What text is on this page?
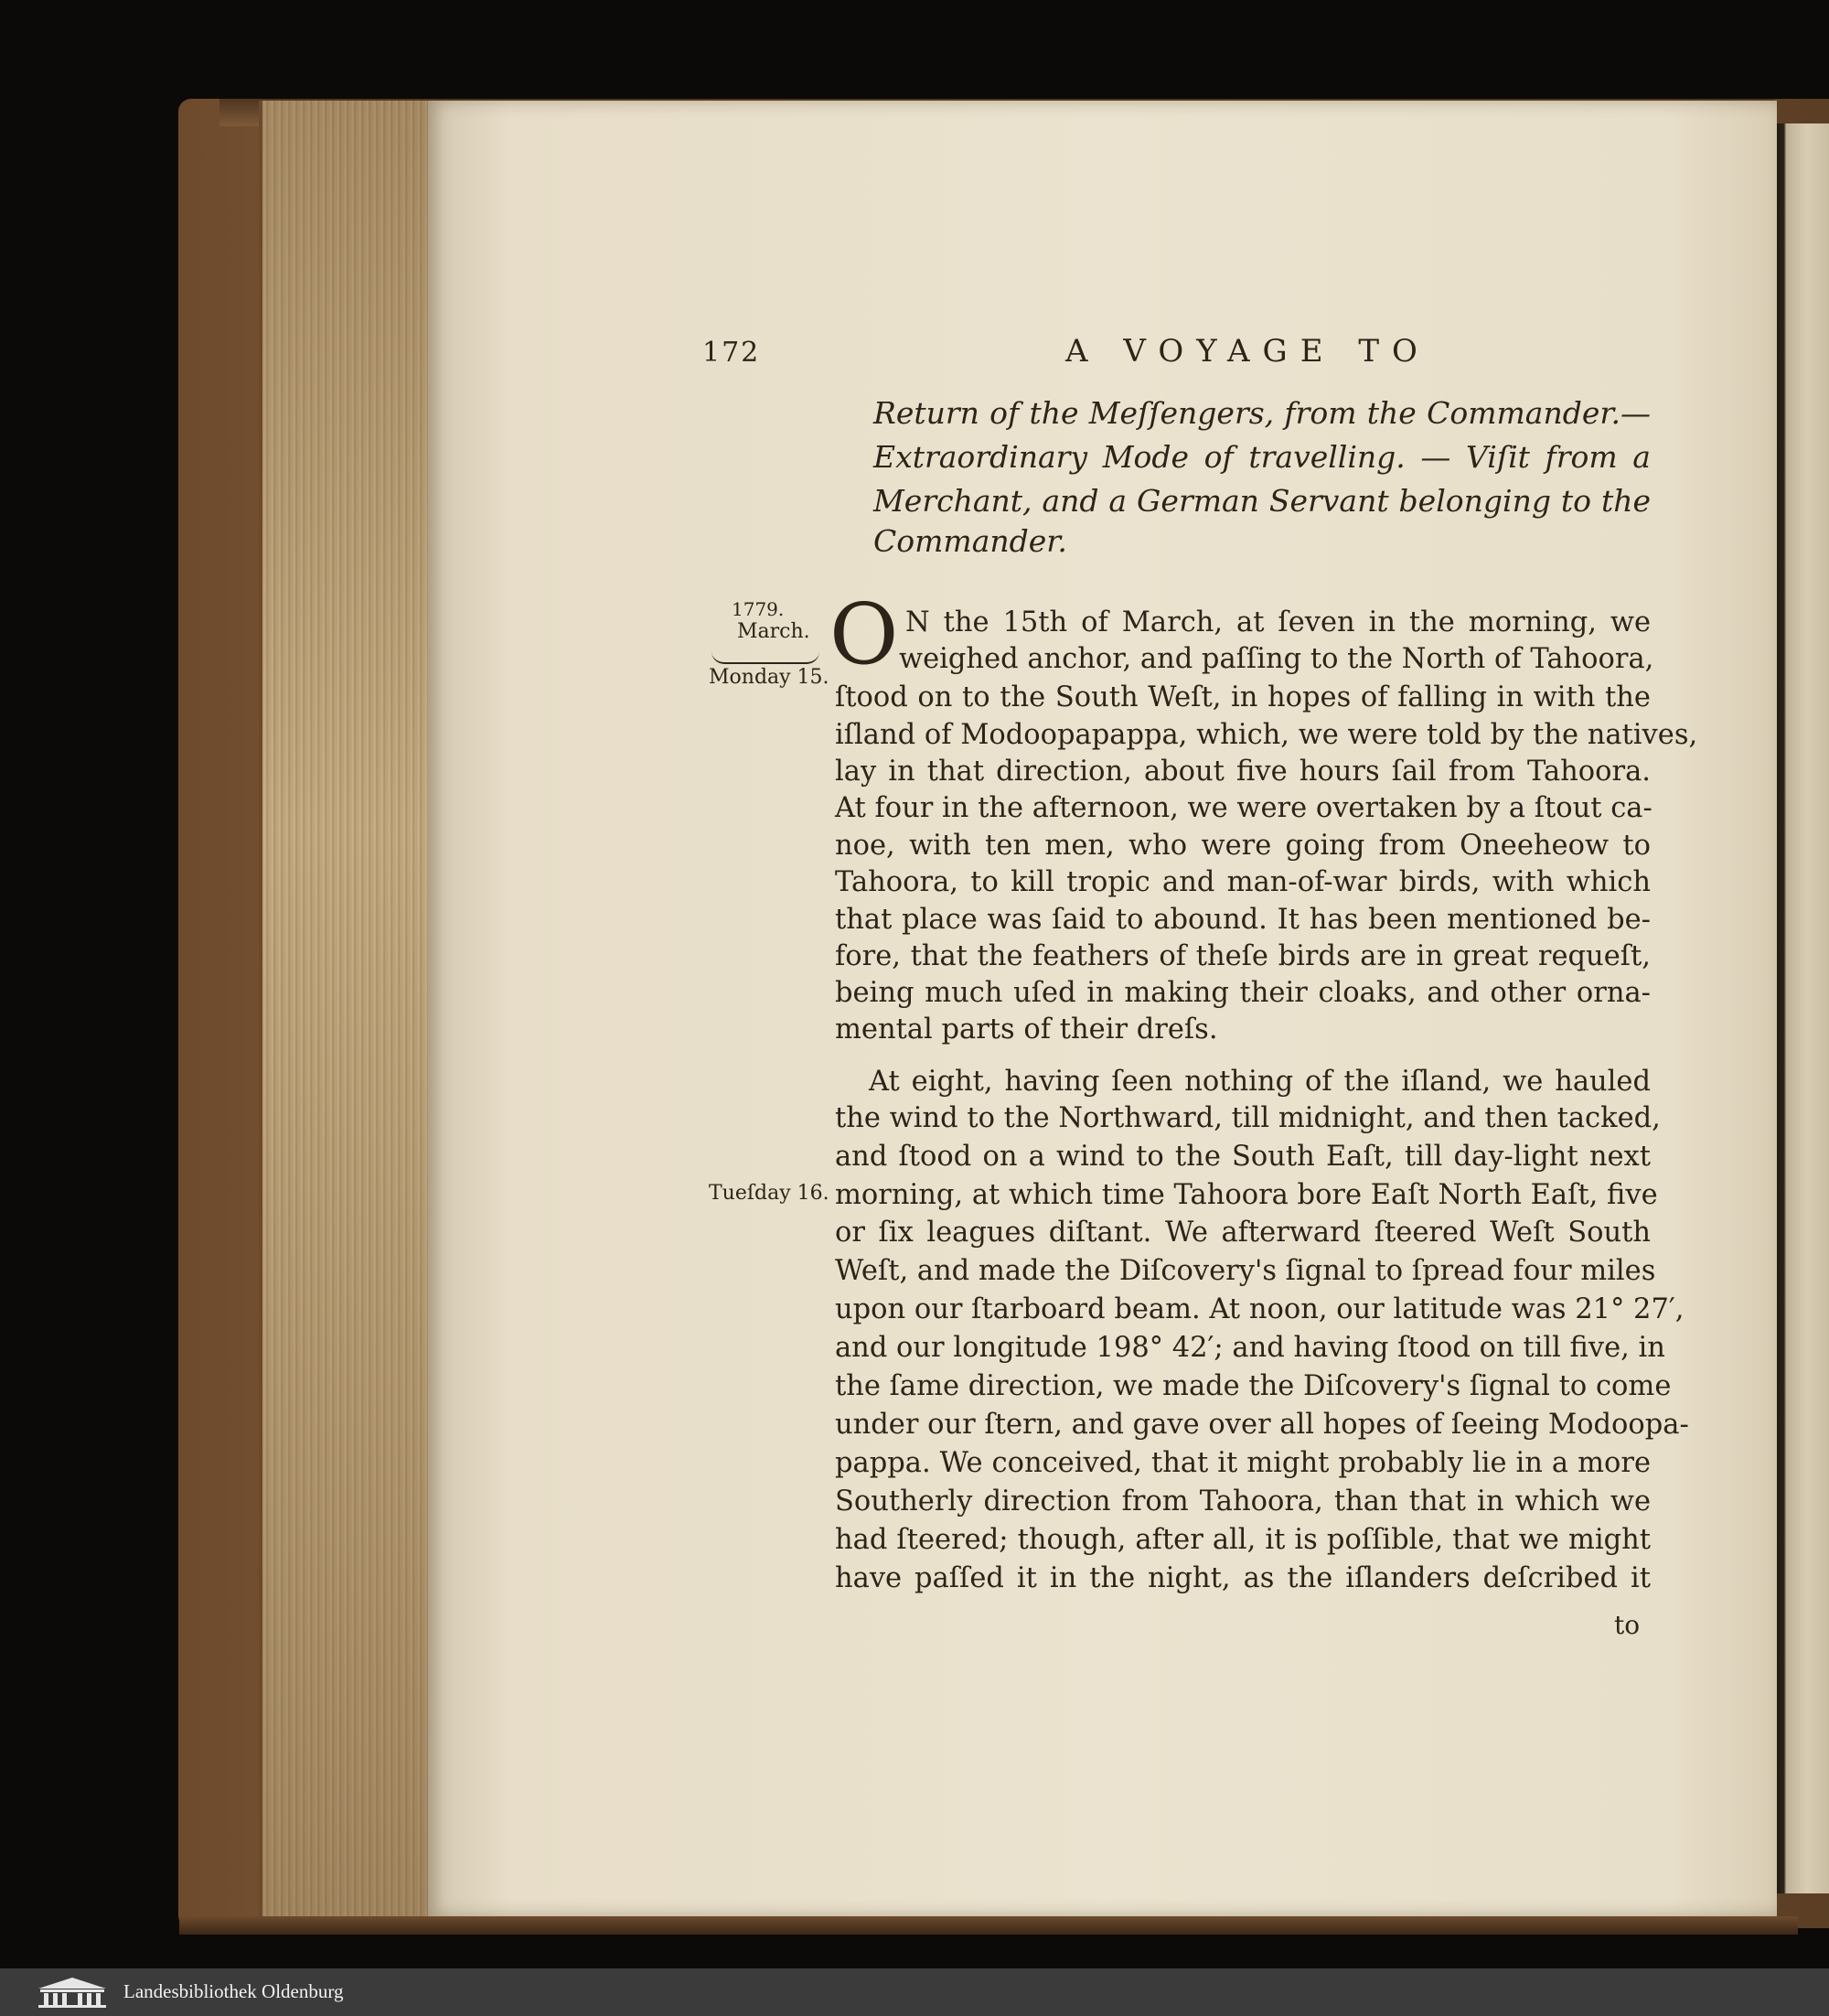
172	A VOYAGE TO
Return of the Meſſengers, from the Commander.—
Extraordinary Mode of travelling. — Viſit from a
Merchant, and a German Servant belonging to the
Commander.
1779.
March.
Monday 15.
Tueſday 16.
O N the 15th of March, at ſeven in the morning, we
weighed anchor, and paſſing to the North of Tahoora,
ſtood on to the South Weſt, in hopes of falling in with the
iſland of Modoopapappa, which, we were told by the natives,
lay in that direction, about five hours ſail from Tahoora.
At four in the afternoon, we were overtaken by a ſtout ca-
noe, with ten men, who were going from Oneeheow to
Tahoora, to kill tropic and man-of-war birds, with which
that place was ſaid to abound. It has been mentioned be-
fore, that the feathers of theſe birds are in great requeſt,
being much uſed in making their cloaks, and other orna-
mental parts of their dreſs.
At eight, having ſeen nothing of the iſland, we hauled
the wind to the Northward, till midnight, and then tacked,
and ſtood on a wind to the South Eaſt, till day-light next
morning, at which time Tahoora bore Eaſt North Eaſt, five
or ſix leagues diſtant. We afterward ſteered Weſt South
Weſt, and made the Diſcovery's ſignal to ſpread four miles
upon our ſtarboard beam. At noon, our latitude was 21° 27′,
and our longitude 198° 42′; and having ſtood on till five, in
the ſame direction, we made the Diſcovery's ſignal to come
under our ſtern, and gave over all hopes of ſeeing Modoopa-
pappa. We conceived, that it might probably lie in a more
Southerly direction from Tahoora, than that in which we
had ſteered; though, after all, it is poſſible, that we might
have paſſed it in the night, as the iſlanders deſcribed it
to
Landesbibliothek Oldenburg
